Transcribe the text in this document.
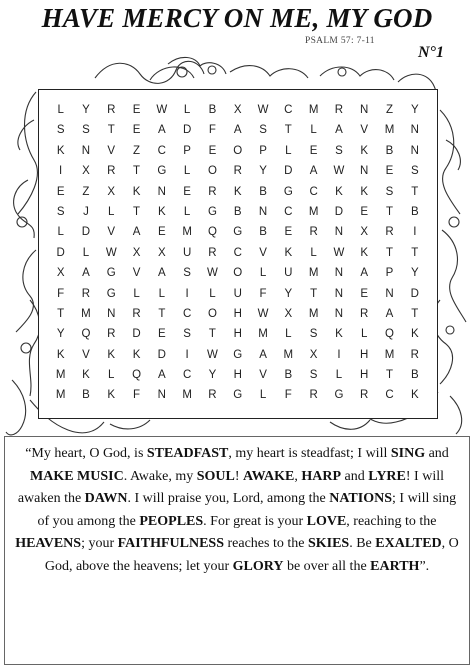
HAVE MERCY ON ME, MY GOD
PSALM 57: 7-11
N°1
L	Y	R	E	W	L	B	X	W	C	M	R	N	Z	Y
S	S	T	E	A	D	F	A	S	T	L	A	V	M	N
K	N	V	Z	C	P	E	O	P	L	E	S	K	B	N
I	X	R	T	G	L	O	R	Y	D	A	W	N	E	S
E	Z	X	K	N	E	R	K	B	G	C	K	K	S	T
S	J	L	T	K	L	G	B	N	C	M	D	E	T	B
L	D	V	A	E	M	Q	G	B	E	R	N	X	R	I
D	L	W	X	X	U	R	C	V	K	L	W	K	T	T
X	A	G	V	A	S	W	O	L	U	M	N	A	P	Y
F	R	G	L	L	I	L	U	F	Y	T	N	E	N	D
T	M	N	R	T	C	O	H	W	X	M	N	R	A	T
Y	Q	R	D	E	S	T	H	M	L	S	K	L	Q	K
K	V	K	K	D	I	W	G	A	M	X	I	H	M	R
M	K	L	Q	A	C	Y	H	V	B	S	L	H	T	B
M	B	K	F	N	M	R	G	L	F	R	G	R	C	K
“My heart, O God, is STEADFAST, my heart is steadfast; I will SING and MAKE MUSIC. Awake, my SOUL! AWAKE, HARP and LYRE! I will awaken the DAWN. I will praise you, Lord, among the NATIONS; I will sing of you among the PEOPLES. For great is your LOVE, reaching to the HEAVENS; your FAITHFULNESS reaches to the SKIES. Be EXALTED, O God, above the heavens; let your GLORY be over all the EARTH”.
